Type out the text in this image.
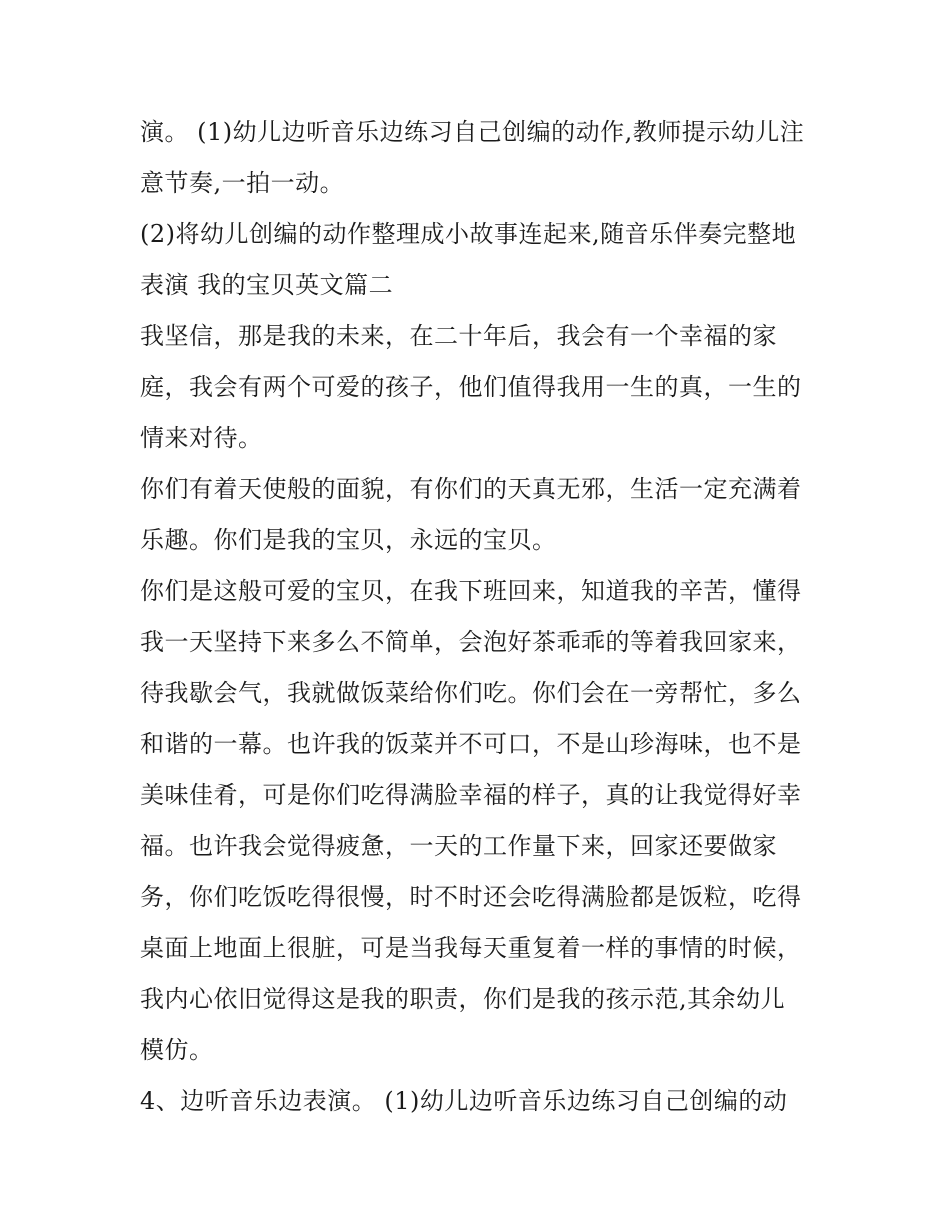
演。 (1)幼儿边听音乐边练习自己创编的动作,教师提示幼儿注
意节奏,一拍一动。
(2)将幼儿创编的动作整理成小故事连起来,随音乐伴奏完整地
表演 我的宝贝英文篇二
我坚信，那是我的未来，在二十年后，我会有一个幸福的家
庭，我会有两个可爱的孩子，他们值得我用一生的真，一生的
情来对待。
你们有着天使般的面貌，有你们的天真无邪，生活一定充满着
乐趣。你们是我的宝贝，永远的宝贝。
你们是这般可爱的宝贝，在我下班回来，知道我的辛苦，懂得
我一天坚持下来多么不简单，会泡好茶乖乖的等着我回家来，
待我歇会气，我就做饭菜给你们吃。你们会在一旁帮忙，多么
和谐的一幕。也许我的饭菜并不可口，不是山珍海味，也不是
美味佳肴，可是你们吃得满脸幸福的样子，真的让我觉得好幸
福。也许我会觉得疲惫，一天的工作量下来，回家还要做家
务，你们吃饭吃得很慢，时不时还会吃得满脸都是饭粒，吃得
桌面上地面上很脏，可是当我每天重复着一样的事情的时候，
我内心依旧觉得这是我的职责，你们是我的孩示范,其余幼儿
模仿。
4、边听音乐边表演。 (1)幼儿边听音乐边练习自己创编的动
